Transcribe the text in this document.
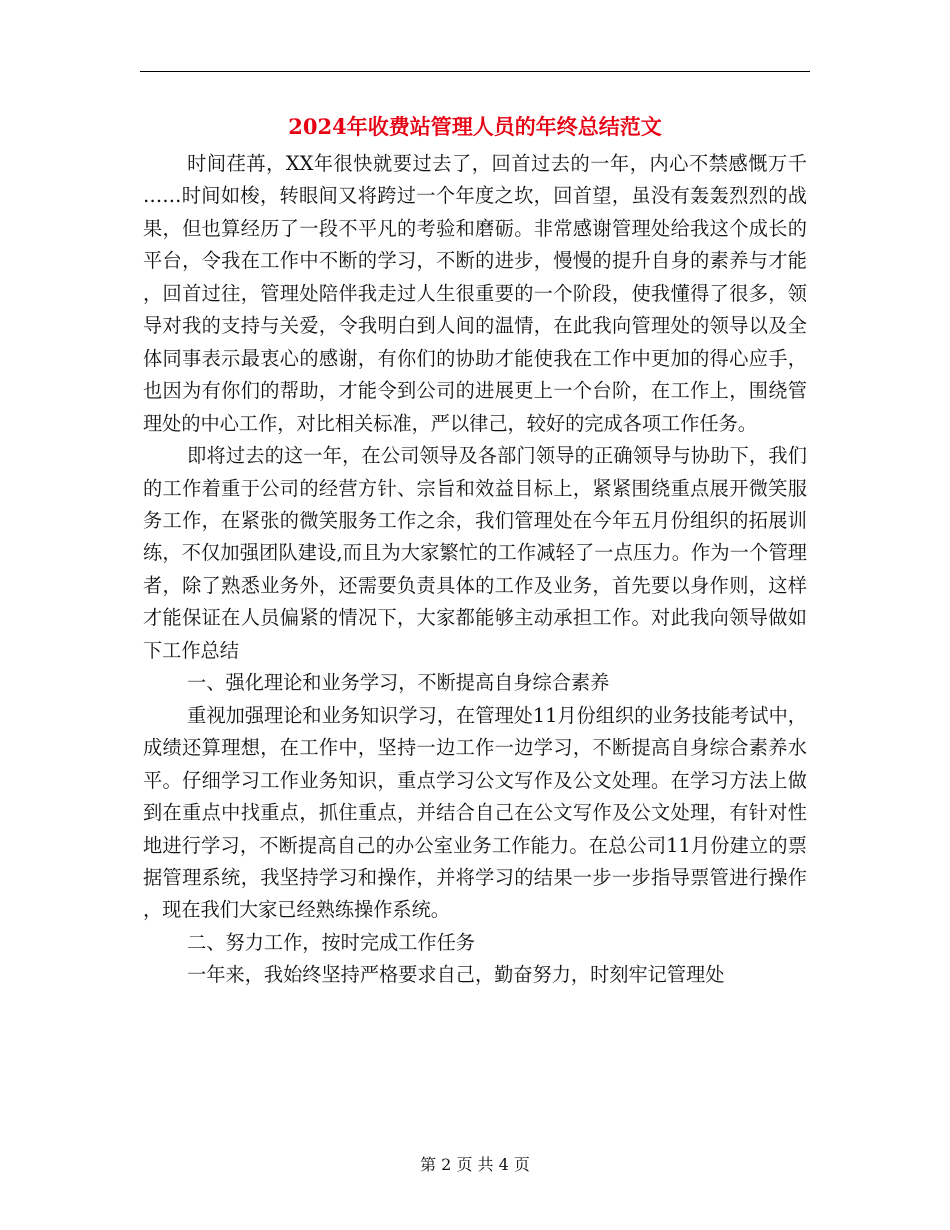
2024年收费站管理人员的年终总结范文

时间荏苒，XX年很快就要过去了，回首过去的一年，内心不禁感慨万千……时间如梭，转眼间又将跨过一个年度之坎，回首望，虽没有轰轰烈烈的战果，但也算经历了一段不平凡的考验和磨砺。非常感谢管理处给我这个成长的平台，令我在工作中不断的学习，不断的进步，慢慢的提升自身的素养与才能，回首过往，管理处陪伴我走过人生很重要的一个阶段，使我懂得了很多，领导对我的支持与关爱，令我明白到人间的温情，在此我向管理处的领导以及全体同事表示最衷心的感谢，有你们的协助才能使我在工作中更加的得心应手，也因为有你们的帮助，才能令到公司的进展更上一个台阶，在工作上，围绕管理处的中心工作，对比相关标准，严以律己，较好的完成各项工作任务。

即将过去的这一年，在公司领导及各部门领导的正确领导与协助下，我们的工作着重于公司的经营方针、宗旨和效益目标上，紧紧围绕重点展开微笑服务工作，在紧张的微笑服务工作之余，我们管理处在今年五月份组织的拓展训练，不仅加强团队建设,而且为大家繁忙的工作减轻了一点压力。作为一个管理者，除了熟悉业务外，还需要负责具体的工作及业务，首先要以身作则，这样才能保证在人员偏紧的情况下，大家都能够主动承担工作。对此我向领导做如下工作总结

一、强化理论和业务学习，不断提高自身综合素养

重视加强理论和业务知识学习，在管理处11月份组织的业务技能考试中，成绩还算理想，在工作中，坚持一边工作一边学习，不断提高自身综合素养水平。仔细学习工作业务知识，重点学习公文写作及公文处理。在学习方法上做到在重点中找重点，抓住重点，并结合自己在公文写作及公文处理，有针对性地进行学习，不断提高自己的办公室业务工作能力。在总公司11月份建立的票据管理系统，我坚持学习和操作，并将学习的结果一步一步指导票管进行操作，现在我们大家已经熟练操作系统。

二、努力工作，按时完成工作任务

一年来，我始终坚持严格要求自己，勤奋努力，时刻牢记管理处

第 2 页 共 4 页
